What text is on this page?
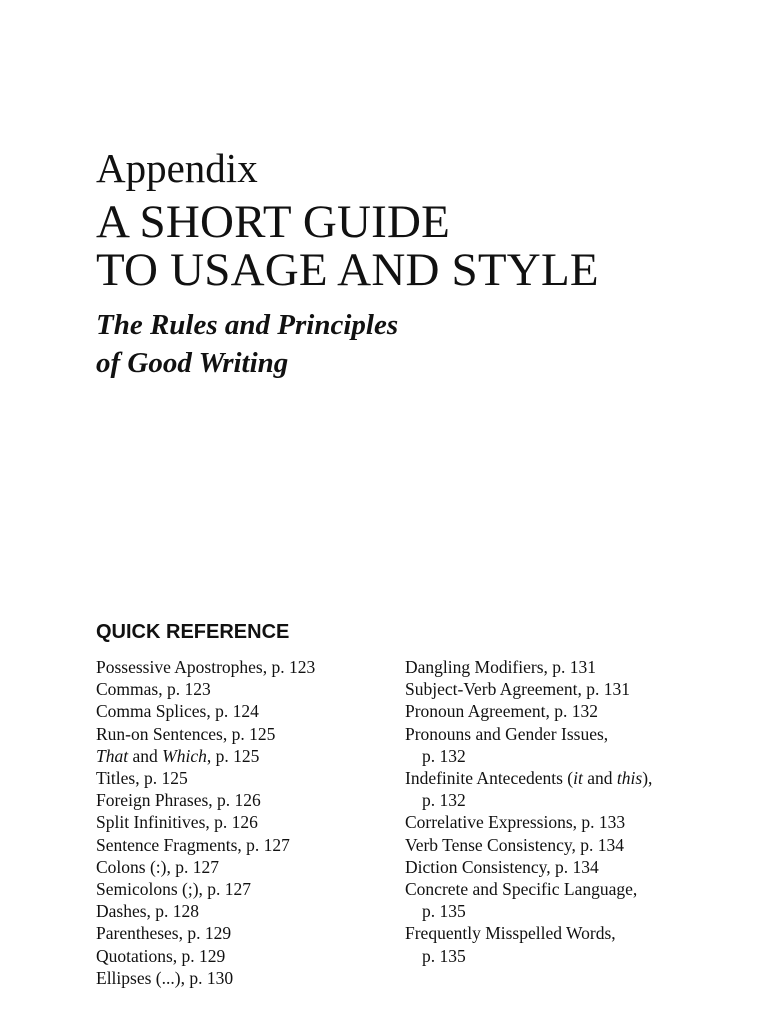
Appendix
A SHORT GUIDE
TO USAGE AND STYLE
The Rules and Principles
of Good Writing
QUICK REFERENCE
Possessive Apostrophes, p. 123
Commas, p. 123
Comma Splices, p. 124
Run-on Sentences, p. 125
That and Which, p. 125
Titles, p. 125
Foreign Phrases, p. 126
Split Infinitives, p. 126
Sentence Fragments, p. 127
Colons (:), p. 127
Semicolons (;), p. 127
Dashes, p. 128
Parentheses, p. 129
Quotations, p. 129
Ellipses (...), p. 130
Dangling Modifiers, p. 131
Subject-Verb Agreement, p. 131
Pronoun Agreement, p. 132
Pronouns and Gender Issues,
p. 132
Indefinite Antecedents (it and this),
p. 132
Correlative Expressions, p. 133
Verb Tense Consistency, p. 134
Diction Consistency, p. 134
Concrete and Specific Language,
p. 135
Frequently Misspelled Words,
p. 135
